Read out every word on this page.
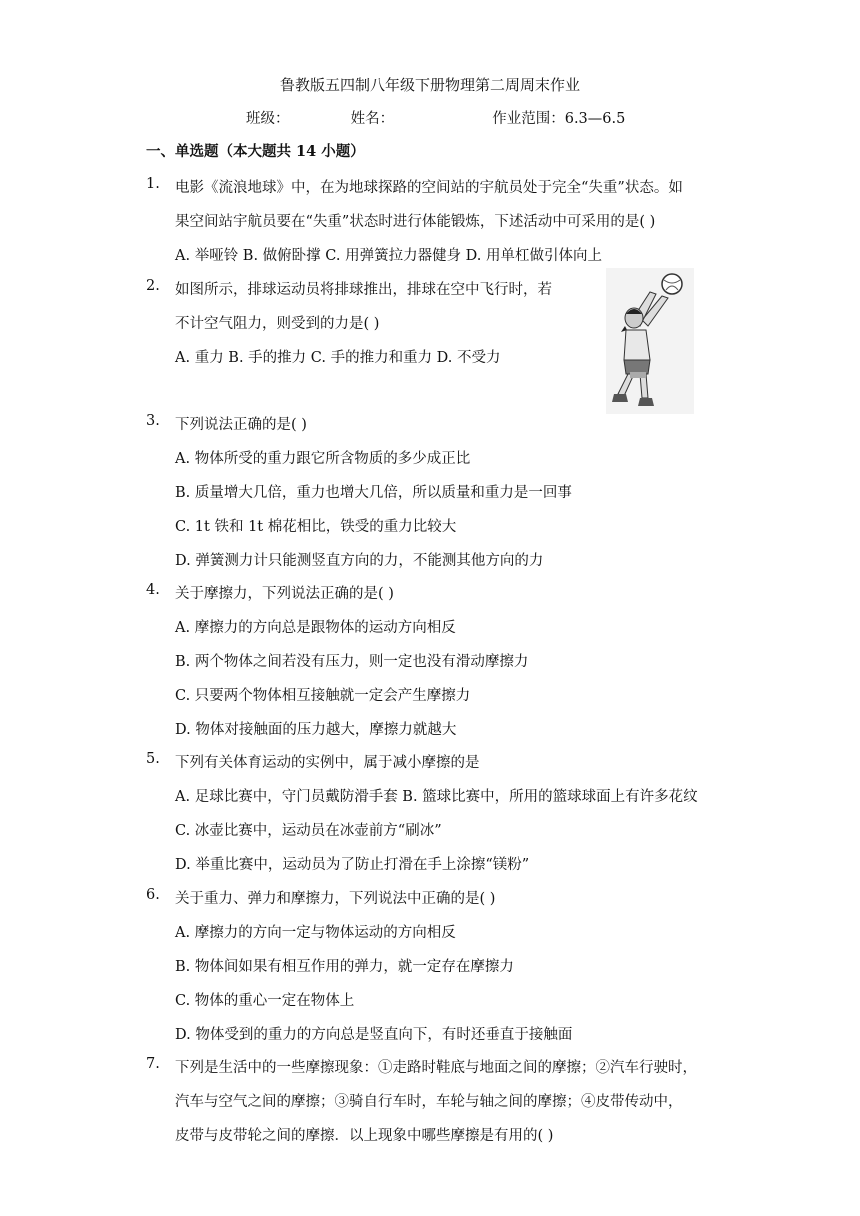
鲁教版五四制八年级下册物理第二周周末作业
班级：	姓名：	作业范围：6.3—6.5
一、单选题（本大题共 14 小题）
1. 电影《流浪地球》中，在为地球探路的空间站的宇航员处于完全“失重”状态。如
果空间站宇航员要在“失重”状态时进行体能锻炼，下述活动中可采用的是( )
A. 举哑铃 B. 做俯卧撑 C. 用弹簧拉力器健身 D. 用单杠做引体向上
2. 如图所示，排球运动员将排球推出，排球在空中飞行时，若
不计空气阻力，则受到的力是( )
A. 重力 B. 手的推力 C. 手的推力和重力 D. 不受力
3. 下列说法正确的是( )
A. 物体所受的重力跟它所含物质的多少成正比
B. 质量增大几倍，重力也增大几倍，所以质量和重力是一回事
C. 1t 铁和 1t 棉花相比，铁受的重力比较大
D. 弹簧测力计只能测竖直方向的力，不能测其他方向的力
4. 关于摩擦力，下列说法正确的是( )
A. 摩擦力的方向总是跟物体的运动方向相反
B. 两个物体之间若没有压力，则一定也没有滑动摩擦力
C. 只要两个物体相互接触就一定会产生摩擦力
D. 物体对接触面的压力越大，摩擦力就越大
5. 下列有关体育运动的实例中，属于减小摩擦的是
A. 足球比赛中，守门员戴防滑手套 B. 篮球比赛中，所用的篮球球面上有许多花纹
C. 冰壶比赛中，运动员在冰壶前方“刷冰”
D. 举重比赛中，运动员为了防止打滑在手上涂擦“镁粉”
6. 关于重力、弹力和摩擦力，下列说法中正确的是( )
A. 摩擦力的方向一定与物体运动的方向相反
B. 物体间如果有相互作用的弹力，就一定存在摩擦力
C. 物体的重心一定在物体上
D. 物体受到的重力的方向总是竖直向下，有时还垂直于接触面
7. 下列是生活中的一些摩擦现象：①走路时鞋底与地面之间的摩擦；②汽车行驶时，
汽车与空气之间的摩擦；③骑自行车时，车轮与轴之间的摩擦；④皮带传动中，
皮带与皮带轮之间的摩擦．以上现象中哪些摩擦是有用的( )
